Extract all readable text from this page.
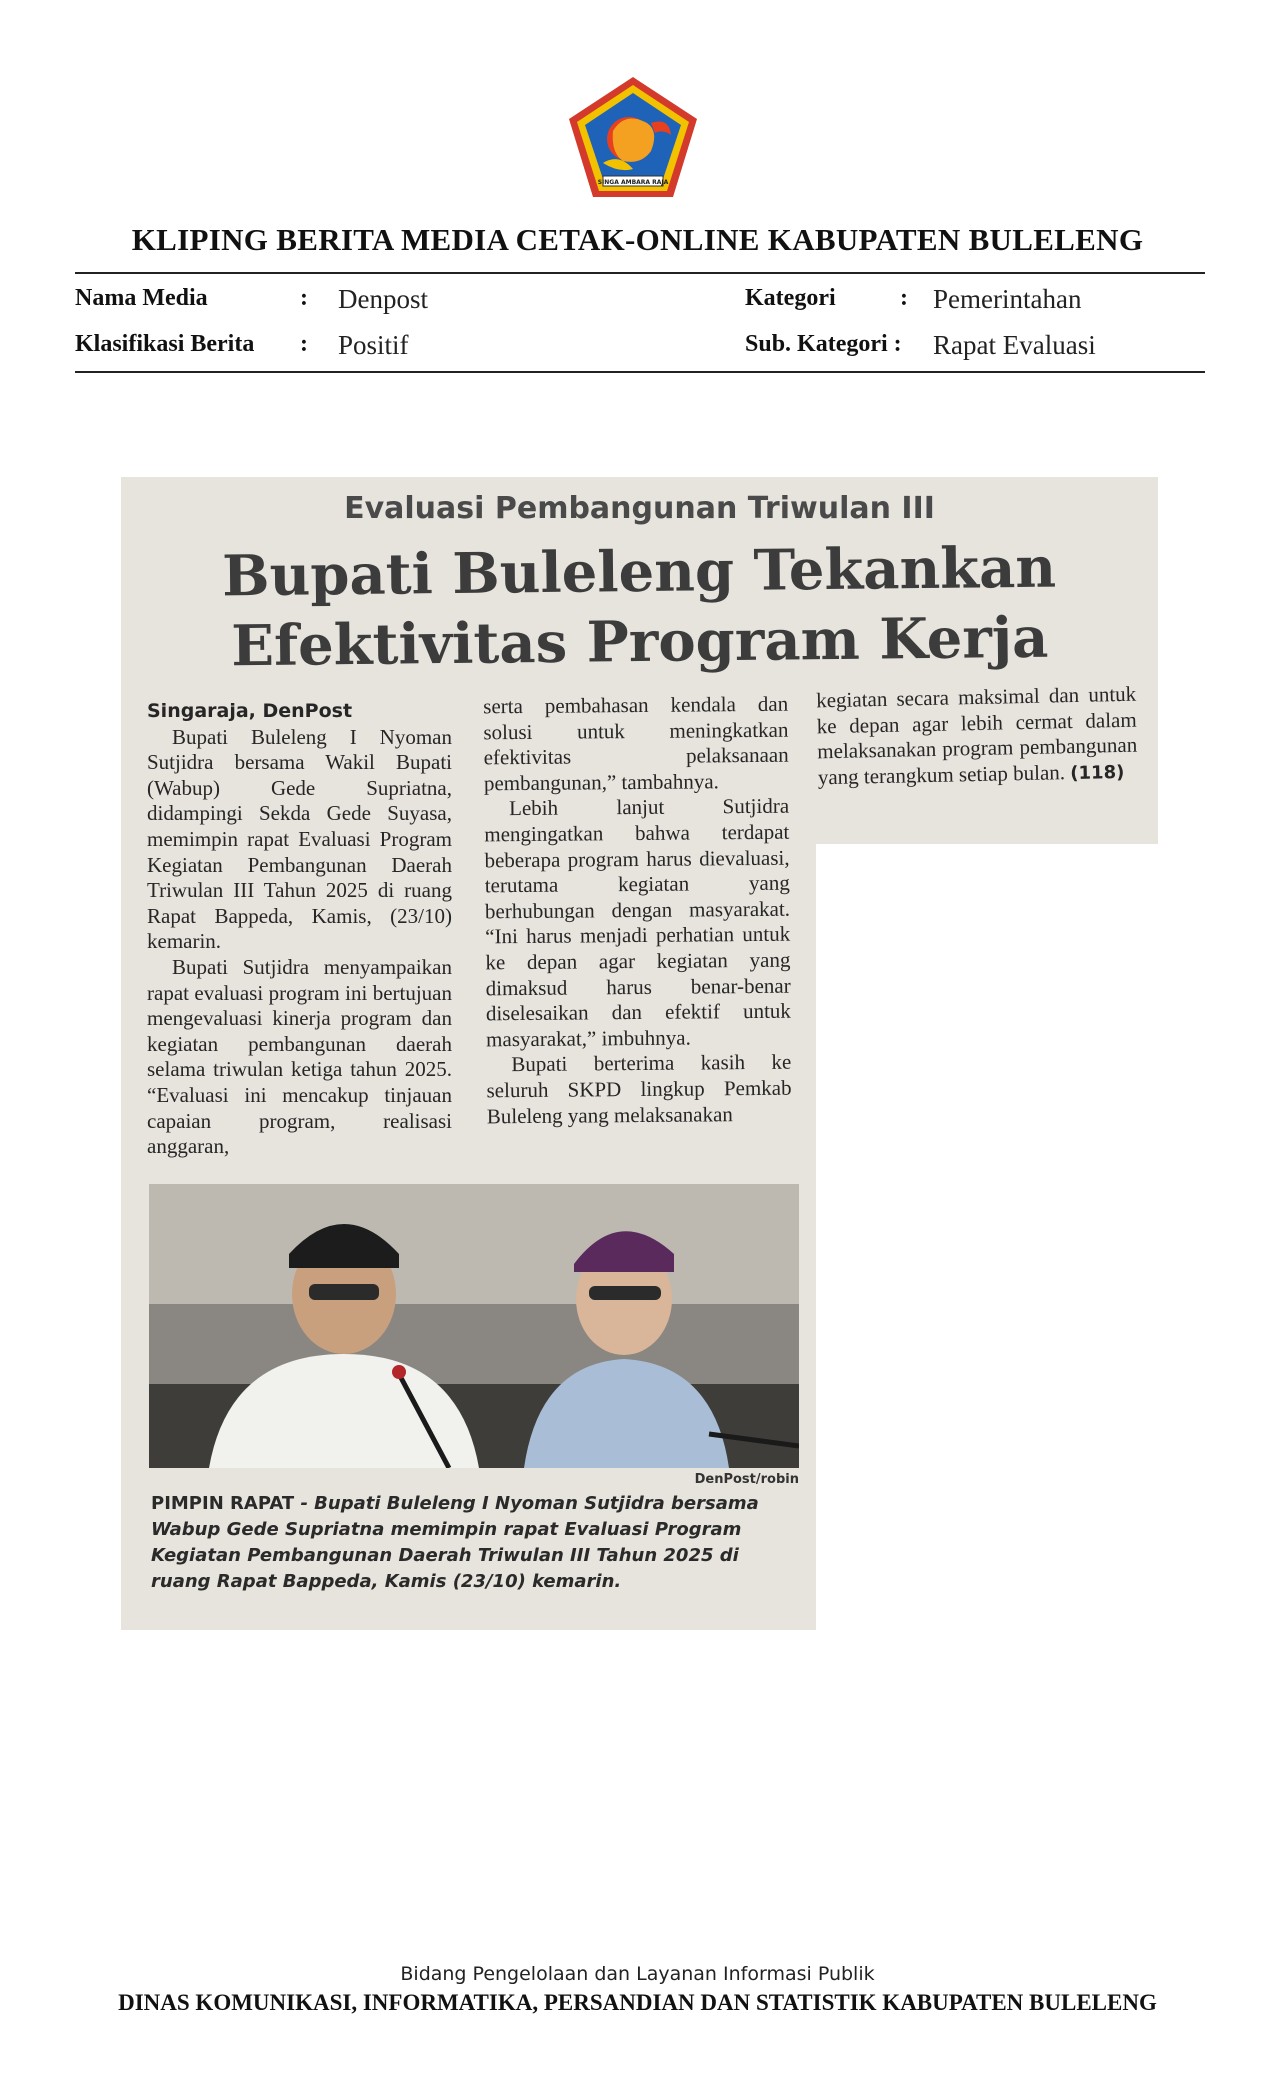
SINGA AMBARA RAJA
KLIPING BERITA MEDIA CETAK-ONLINE KABUPATEN BULELENG
Nama Media	: Denpost
Klasifikasi Berita : Positif
Kategori	: Pemerintahan
Sub. Kategori : Rapat Evaluasi
DenPost/robin
PIMPIN RAPAT - Bupati Buleleng I Nyoman Sutjidra bersama Wabup Gede Supriatna memimpin rapat Evaluasi Program Kegiatan Pembangunan Daerah Triwulan III Tahun 2025 di ruang Rapat Bappeda, Kamis (23/10) kemarin.
Evaluasi Pembangunan Triwulan III
Bupati Buleleng Tekankan
Efektivitas Program Kerja

Singaraja, DenPost

Bupati Buleleng I Nyoman Sutjidra bersama Wakil Bupati (Wabup) Gede Supriatna, didampingi Sekda Gede Suyasa, memimpin rapat Evaluasi Program Kegiatan Pembangunan Daerah Triwulan III Tahun 2025 di ruang Rapat Bappeda, Kamis, (23/10) kemarin.

Bupati Sutjidra menyampaikan rapat evaluasi program ini bertujuan mengevaluasi kinerja program dan kegiatan pembangunan daerah selama triwulan ketiga tahun 2025. “Evaluasi ini mencakup tinjauan capaian program, realisasi anggaran,

serta pembahasan kendala dan solusi untuk meningkatkan efektivitas pelaksanaan pembangunan,” tambahnya.

Lebih lanjut Sutjidra mengingatkan bahwa terdapat beberapa program harus dievaluasi, terutama kegiatan yang berhubungan dengan masyarakat. “Ini harus menjadi perhatian untuk ke depan agar kegiatan yang dimaksud harus benar-benar diselesaikan dan efektif untuk masyarakat,” imbuhnya.

Bupati berterima kasih ke seluruh SKPD lingkup Pemkab Buleleng yang melaksanakan

kegiatan secara maksimal dan untuk ke depan agar lebih cermat dalam melaksanakan program pembangunan yang terangkum setiap bulan. (118)

Bidang Pengelolaan dan Layanan Informasi Publik
DINAS KOMUNIKASI, INFORMATIKA, PERSANDIAN DAN STATISTIK KABUPATEN BULELENG
